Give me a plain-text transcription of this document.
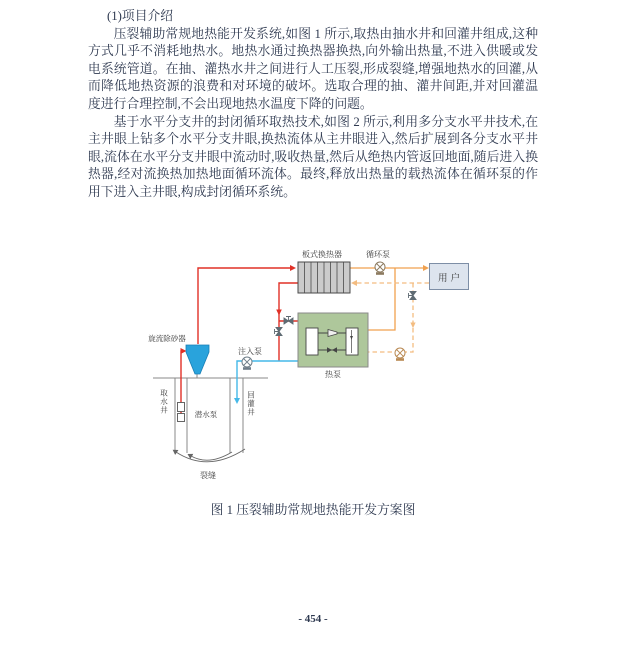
(1)项目介绍

压裂辅助常规地热能开发系统,如图 1 所示,取热由抽水井和回灌井组成,这种方式几乎不消耗地热水。地热水通过换热器换热,向外输出热量,不进入供暖或发电系统管道。在抽、灌热水井之间进行人工压裂,形成裂缝,增强地热水的回灌,从而降低地热资源的浪费和对环境的破坏。选取合理的抽、灌井间距,并对回灌温度进行合理控制,不会出现地热水温度下降的问题。

基于水平分支井的封闭循环取热技术,如图 2 所示,利用多分支水平井技术,在主井眼上钻多个水平分支井眼,换热流体从主井眼进入,然后扩展到各分支水平井眼,流体在水平分支井眼中流动时,吸收热量,然后从绝热内管返回地面,随后进入换热器,经对流换热加热地面循环流体。最终,释放出热量的载热流体在循环泵的作用下进入主井眼,构成封闭循环系统。

板式换热器	循环泵
用户
旋流除砂器
注入泵
热泵
取水井	潜水泵	回灌井
裂缝
图 1 压裂辅助常规地热能开发方案图
- 454 -
